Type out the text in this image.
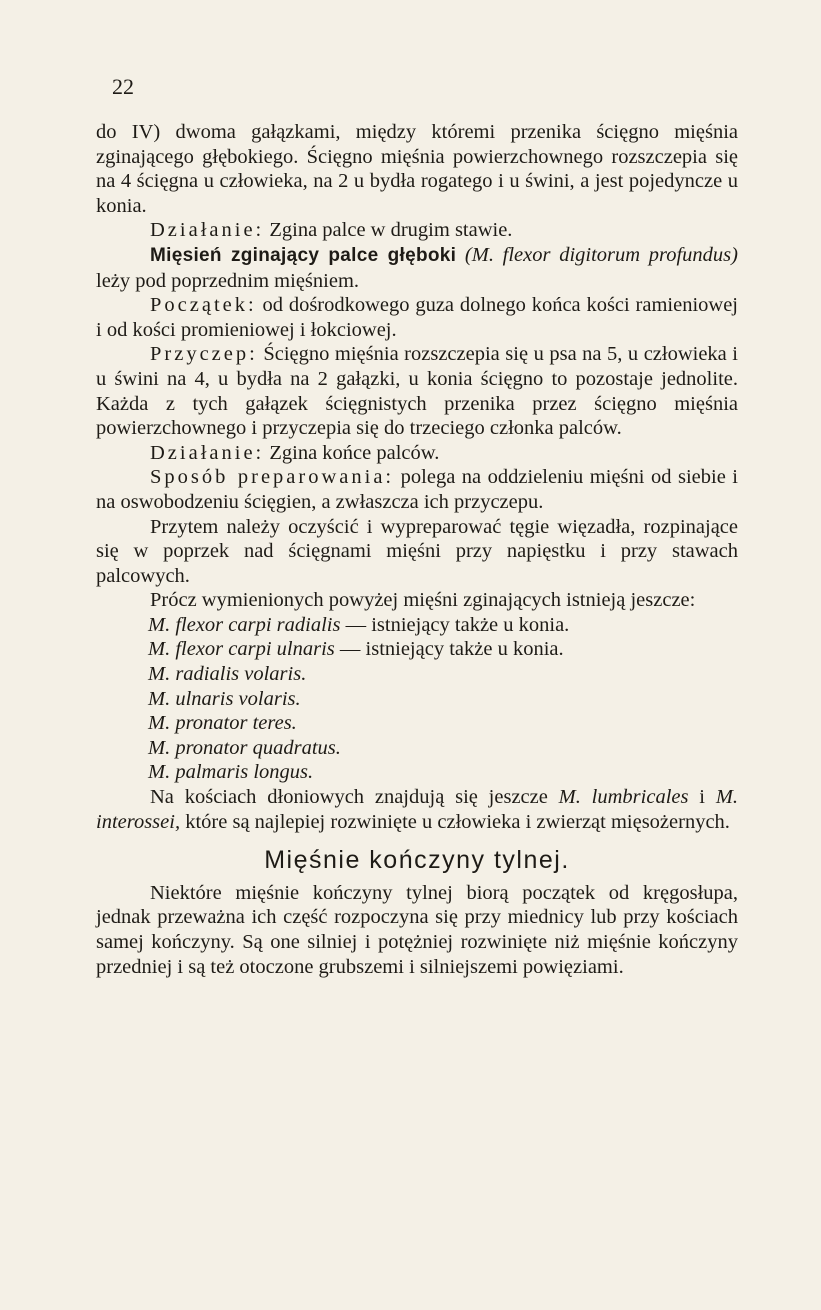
22

do IV) dwoma gałązkami, między któremi przenika ścięgno mięśnia zginającego głębokiego. Ścięgno mięśnia powierzchownego rozszczepia się na 4 ścięgna u człowieka, na 2 u bydła rogatego i u świni, a jest pojedyncze u konia.

Działanie: Zgina palce w drugim stawie.

Mięsień zginający palce głęboki (M. flexor digitorum profundus) leży pod poprzednim mięśniem.

Początek: od dośrodkowego guza dolnego końca kości ramieniowej i od kości promieniowej i łokciowej.

Przyczep: Ścięgno mięśnia rozszczepia się u psa na 5, u człowieka i u świni na 4, u bydła na 2 gałązki, u konia ścięgno to pozostaje jednolite. Każda z tych gałązek ścięgnistych przenika przez ścięgno mięśnia powierzchownego i przyczepia się do trzeciego członka palców.

Działanie: Zgina końce palców.

Sposób preparowania: polega na oddzieleniu mięśni od siebie i na oswobodzeniu ścięgien, a zwłaszcza ich przyczepu.

Przytem należy oczyścić i wypreparować tęgie więzadła, rozpinające się w poprzek nad ścięgnami mięśni przy napięstku i przy stawach palcowych.

Prócz wymienionych powyżej mięśni zginających istnieją jeszcze:

M. flexor carpi radialis — istniejący także u konia.

M. flexor carpi ulnaris — istniejący także u konia.

M. radialis volaris.

M. ulnaris volaris.

M. pronator teres.

M. pronator quadratus.

M. palmaris longus.

Na kościach dłoniowych znajdują się jeszcze M. lumbricales i M. interossei, które są najlepiej rozwinięte u człowieka i zwierząt mięsożernych.

Mięśnie kończyny tylnej.

Niektóre mięśnie kończyny tylnej biorą początek od kręgosłupa, jednak przeważna ich część rozpoczyna się przy miednicy lub przy kościach samej kończyny. Są one silniej i potężniej rozwinięte niż mięśnie kończyny przedniej i są też otoczone grubszemi i silniejszemi powięziami.
